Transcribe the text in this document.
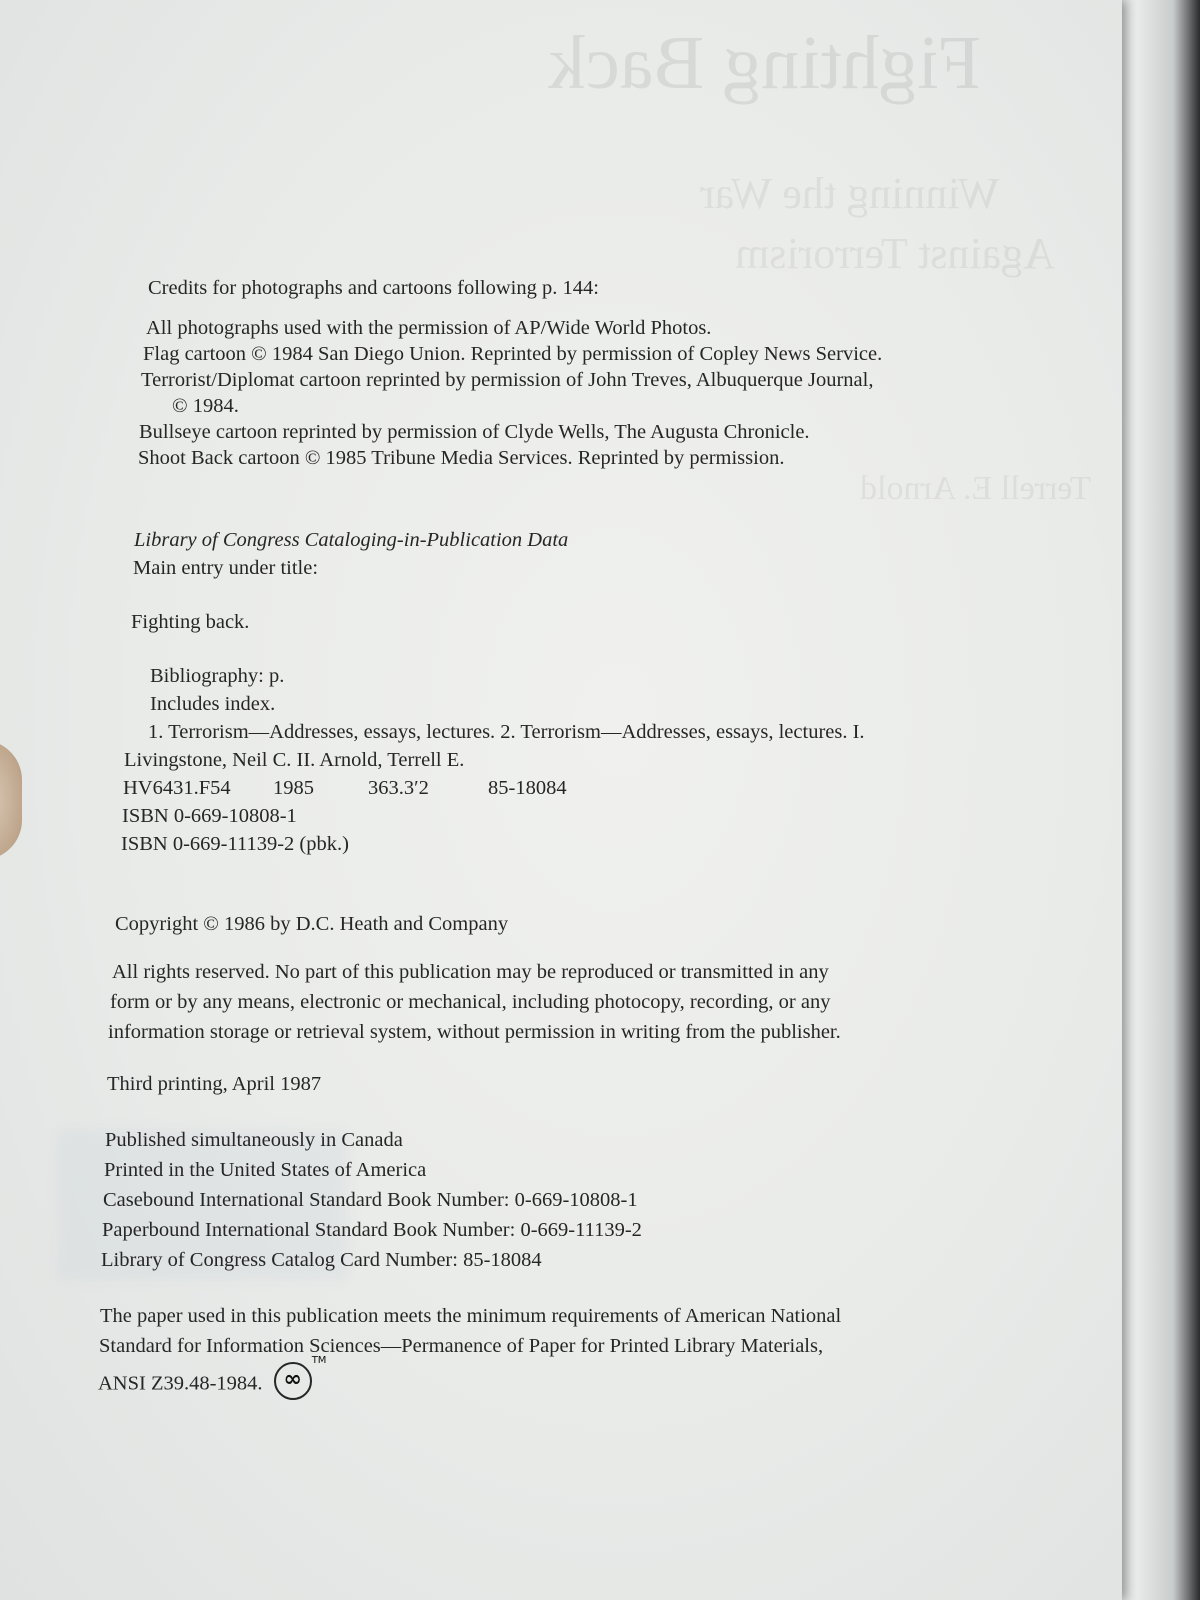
Fighting Back
Winning the War
Against Terrorism
Terrell E. Arnold
Credits for photographs and cartoons following p. 144:
All photographs used with the permission of AP/Wide World Photos.
Flag cartoon © 1984 San Diego Union. Reprinted by permission of Copley News Service.
Terrorist/Diplomat cartoon reprinted by permission of John Treves, Albuquerque Journal,
© 1984.
Bullseye cartoon reprinted by permission of Clyde Wells, The Augusta Chronicle.
Shoot Back cartoon © 1985 Tribune Media Services. Reprinted by permission.
Library of Congress Cataloging-in-Publication Data
Main entry under title:
Fighting back.
Bibliography: p.
Includes index.
1. Terrorism—Addresses, essays, lectures. 2. Terrorism—Addresses, essays, lectures. I.
Livingstone, Neil C. II. Arnold, Terrell E.
HV6431.F54 1985	363.3′2	85-18084
ISBN 0-669-10808-1
ISBN 0-669-11139-2 (pbk.)
Copyright © 1986 by D.C. Heath and Company
All rights reserved. No part of this publication may be reproduced or transmitted in any
form or by any means, electronic or mechanical, including photocopy, recording, or any
information storage or retrieval system, without permission in writing from the publisher.
Third printing, April 1987
Published simultaneously in Canada
Printed in the United States of America
Casebound International Standard Book Number: 0-669-10808-1
Paperbound International Standard Book Number: 0-669-11139-2
Library of Congress Catalog Card Number: 85-18084
The paper used in this publication meets the minimum requirements of American National
Standard for Information Sciences—Permanence of Paper for Printed Library Materials,
ANSI Z39.48-1984. ∞
TM
